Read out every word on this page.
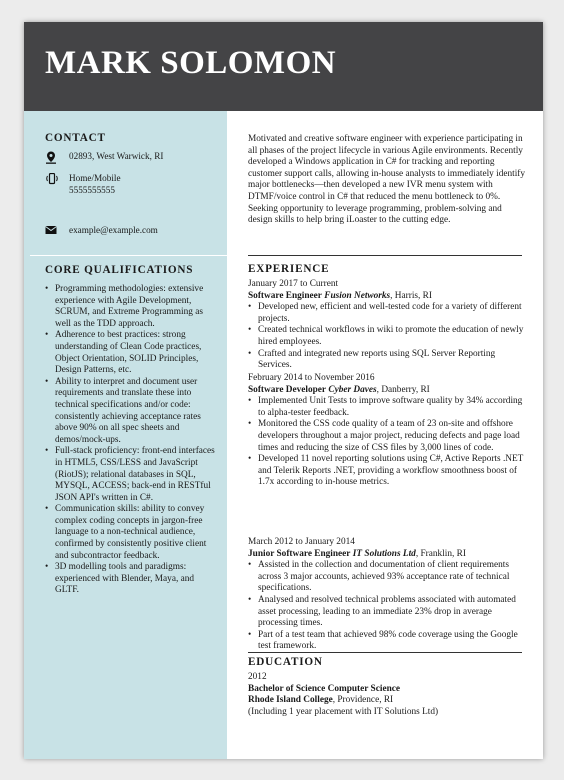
MARK SOLOMON
CONTACT
02893, West Warwick, RI
Home/Mobile
5555555555
example@example.com
CORE QUALIFICATIONS
• Programming methodologies: extensive experience with Agile Development, SCRUM, and Extreme Programming as well as the TDD approach.
• Adherence to best practices: strong understanding of Clean Code practices, Object Orientation, SOLID Principles, Design Patterns, etc.
• Ability to interpret and document user requirements and translate these into technical specifications and/or code: consistently achieving acceptance rates above 90% on all spec sheets and demos/mock-ups.
• Full-stack proficiency: front-end interfaces in HTML5, CSS/LESS and JavaScript (RiotJS); relational databases in SQL, MYSQL, ACCESS; back-end in RESTful JSON API's written in C#.
• Communication skills: ability to convey complex coding concepts in jargon-free language to a non-technical audience, confirmed by consistently positive client and subcontractor feedback.
• 3D modelling tools and paradigms: experienced with Blender, Maya, and GLTF.
Motivated and creative software engineer with experience participating in all phases of the project lifecycle in various Agile environments. Recently developed a Windows application in C# for tracking and reporting customer support calls, allowing in-house analysts to immediately identify major bottlenecks—then developed a new IVR menu system with DTMF/voice control in C# that reduced the menu bottleneck to 0%. Seeking opportunity to leverage programming, problem-solving and design skills to help bring iLoaster to the cutting edge.
EXPERIENCE
January 2017 to Current
Software Engineer Fusion Networks, Harris, RI
• Developed new, efficient and well-tested code for a variety of different projects.
• Created technical workflows in wiki to promote the education of newly hired employees.
• Crafted and integrated new reports using SQL Server Reporting Services.
February 2014 to November 2016
Software Developer Cyber Daves, Danberry, RI
• Implemented Unit Tests to improve software quality by 34% according to alpha-tester feedback.
• Monitored the CSS code quality of a team of 23 on-site and offshore developers throughout a major project, reducing defects and page load times and reducing the size of CSS files by 3,000 lines of code.
• Developed 11 novel reporting solutions using C#, Active Reports .NET and Telerik Reports .NET, providing a workflow smoothness boost of 1.7x according to in-house metrics.
March 2012 to January 2014
Junior Software Engineer IT Solutions Ltd, Franklin, RI
• Assisted in the collection and documentation of client requirements across 3 major accounts, achieved 93% acceptance rate of technical specifications.
• Analysed and resolved technical problems associated with automated asset processing, leading to an immediate 23% drop in average processing times.
• Part of a test team that achieved 98% code coverage using the Google test framework.
EDUCATION
2012
Bachelor of Science Computer Science
Rhode Island College, Providence, RI
(Including 1 year placement with IT Solutions Ltd)
